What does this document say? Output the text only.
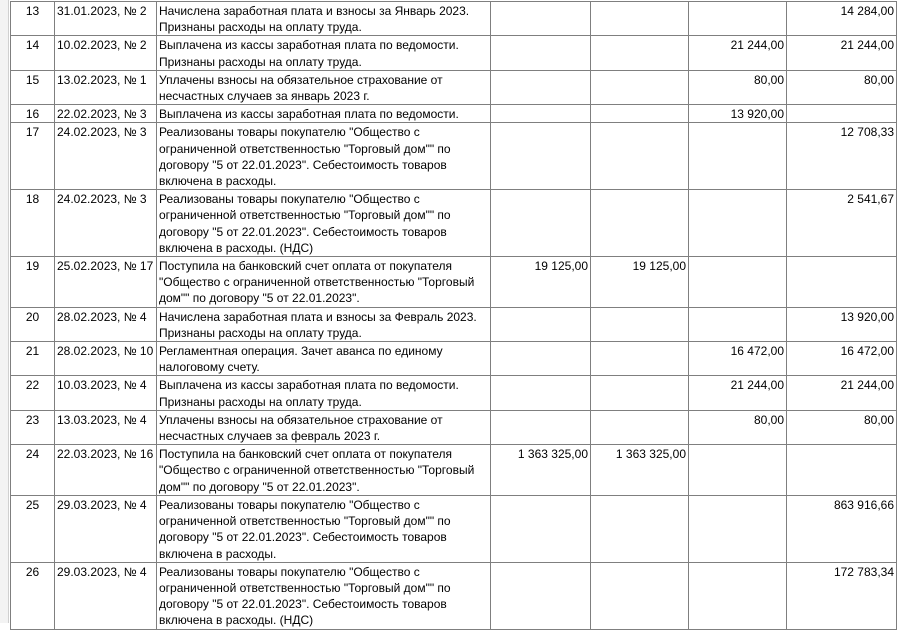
13	31.01.2023, № 2	Начислена заработная плата и взносы за Январь 2023. Признаны расходы на оплату труда.				14 284,00
14	10.02.2023, № 2	Выплачена из кассы заработная плата по ведомости. Признаны расходы на оплату труда.			21 244,00	21 244,00
15	13.02.2023, № 1	Уплачены взносы на обязательное страхование от несчастных случаев за январь 2023 г.			80,00	80,00
16	22.02.2023, № 3	Выплачена из кассы заработная плата по ведомости.			13 920,00	
17	24.02.2023, № 3	Реализованы товары покупателю "Общество с ограниченной ответственностью "Торговый дом"" по договору "5 от 22.01.2023". Себестоимость товаров включена в расходы.				12 708,33
18	24.02.2023, № 3	Реализованы товары покупателю "Общество с ограниченной ответственностью "Торговый дом"" по договору "5 от 22.01.2023". Себестоимость товаров включена в расходы. (НДС)				2 541,67
19	25.02.2023, № 17	Поступила на банковский счет оплата от покупателя "Общество с ограниченной ответственностью "Торговый дом"" по договору "5 от 22.01.2023".	19 125,00	19 125,00		
20	28.02.2023, № 4	Начислена заработная плата и взносы за Февраль 2023. Признаны расходы на оплату труда.				13 920,00
21	28.02.2023, № 10	Регламентная операция. Зачет аванса по единому налоговому счету.			16 472,00	16 472,00
22	10.03.2023, № 4	Выплачена из кассы заработная плата по ведомости. Признаны расходы на оплату труда.			21 244,00	21 244,00
23	13.03.2023, № 4	Уплачены взносы на обязательное страхование от несчастных случаев за февраль 2023 г.			80,00	80,00
24	22.03.2023, № 16	Поступила на банковский счет оплата от покупателя "Общество с ограниченной ответственностью "Торговый дом"" по договору "5 от 22.01.2023".	1 363 325,00	1 363 325,00		
25	29.03.2023, № 4	Реализованы товары покупателю "Общество с ограниченной ответственностью "Торговый дом"" по договору "5 от 22.01.2023". Себестоимость товаров включена в расходы.				863 916,66
26	29.03.2023, № 4	Реализованы товары покупателю "Общество с ограниченной ответственностью "Торговый дом"" по договору "5 от 22.01.2023". Себестоимость товаров включена в расходы. (НДС)				172 783,34
